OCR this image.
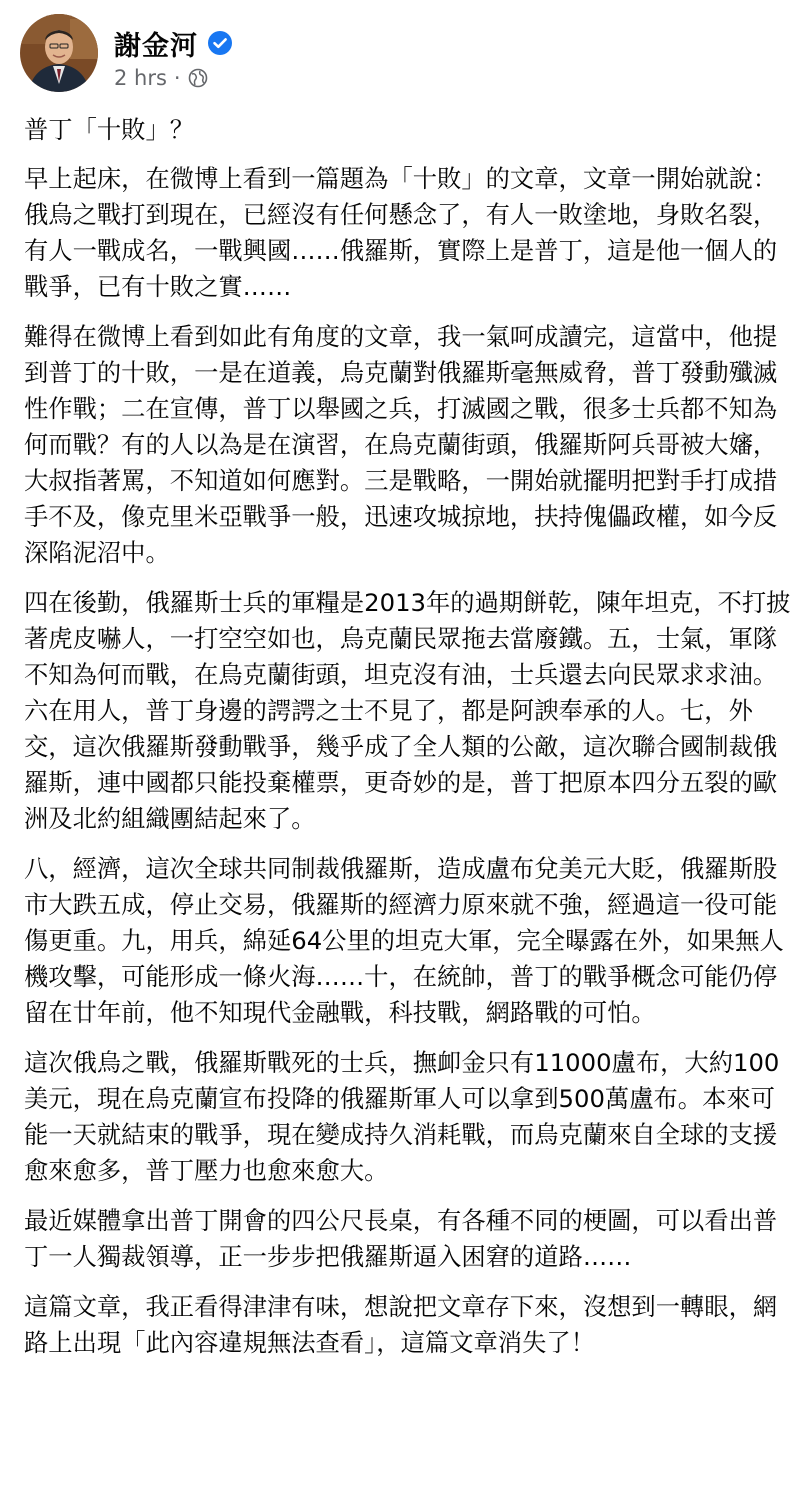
謝金河
2 hrs ·

普丁「十敗」？

早上起床，在微博上看到一篇題為「十敗」的文章，文章一開始就說：俄烏之戰打到現在，已經沒有任何懸念了，有人一敗塗地，身敗名裂，有人一戰成名，一戰興國……俄羅斯，實際上是普丁，這是他一個人的戰爭，已有十敗之實……

難得在微博上看到如此有角度的文章，我一氣呵成讀完，這當中，他提到普丁的十敗，一是在道義，烏克蘭對俄羅斯毫無威脅，普丁發動殲滅性作戰；二在宣傳，普丁以舉國之兵，打滅國之戰，很多士兵都不知為何而戰？有的人以為是在演習，在烏克蘭街頭，俄羅斯阿兵哥被大嬸，大叔指著罵，不知道如何應對。三是戰略，一開始就擺明把對手打成措手不及，像克里米亞戰爭一般，迅速攻城掠地，扶持傀儡政權，如今反深陷泥沼中。

四在後勤，俄羅斯士兵的軍糧是2013年的過期餅乾，陳年坦克，不打披著虎皮嚇人，一打空空如也，烏克蘭民眾拖去當廢鐵。五，士氣，軍隊不知為何而戰，在烏克蘭街頭，坦克沒有油，士兵還去向民眾求求油。六在用人，普丁身邊的諤諤之士不見了，都是阿諛奉承的人。七，外交，這次俄羅斯發動戰爭，幾乎成了全人類的公敵，這次聯合國制裁俄羅斯，連中國都只能投棄權票，更奇妙的是，普丁把原本四分五裂的歐洲及北約組織團結起來了。

八，經濟，這次全球共同制裁俄羅斯，造成盧布兌美元大貶，俄羅斯股市大跌五成，停止交易，俄羅斯的經濟力原來就不強，經過這一役可能傷更重。九，用兵，綿延64公里的坦克大軍，完全曝露在外，如果無人機攻擊，可能形成一條火海……十，在統帥，普丁的戰爭概念可能仍停留在廿年前，他不知現代金融戰，科技戰，網路戰的可怕。

這次俄烏之戰，俄羅斯戰死的士兵，撫卹金只有11000盧布，大約100美元，現在烏克蘭宣布投降的俄羅斯軍人可以拿到500萬盧布。本來可能一天就結束的戰爭，現在變成持久消耗戰，而烏克蘭來自全球的支援愈來愈多，普丁壓力也愈來愈大。

最近媒體拿出普丁開會的四公尺長桌，有各種不同的梗圖，可以看出普丁一人獨裁領導，正一步步把俄羅斯逼入困窘的道路……

這篇文章，我正看得津津有味，想說把文章存下來，沒想到一轉眼，網路上出現「此內容違規無法查看」，這篇文章消失了！
